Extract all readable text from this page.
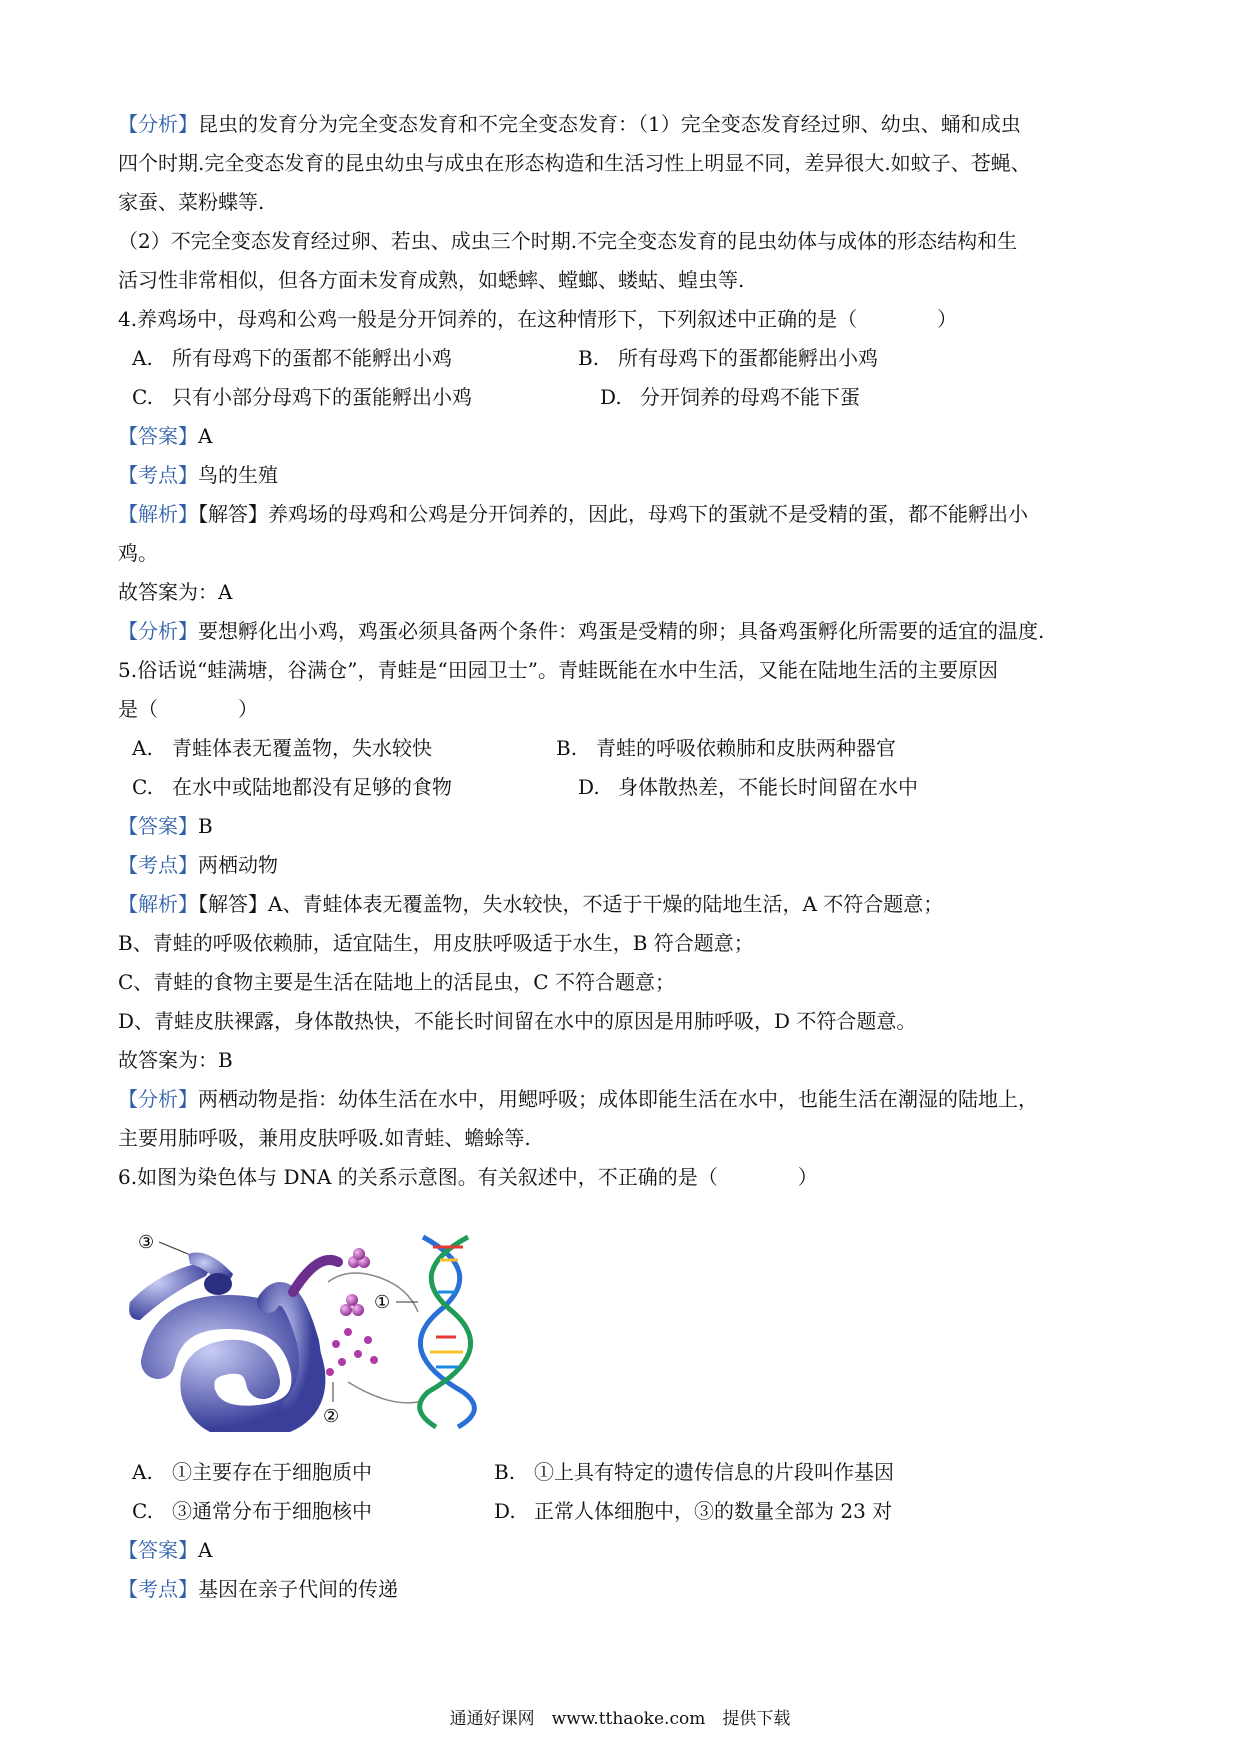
【分析】昆虫的发育分为完全变态发育和不完全变态发育：（1）完全变态发育经过卵、幼虫、蛹和成虫
四个时期.完全变态发育的昆虫幼虫与成虫在形态构造和生活习性上明显不同，差异很大.如蚊子、苍蝇、
家蚕、菜粉蝶等.
（2）不完全变态发育经过卵、若虫、成虫三个时期.不完全变态发育的昆虫幼体与成体的形态结构和生
活习性非常相似，但各方面未发育成熟，如蟋蟀、螳螂、蝼蛄、蝗虫等.
4.养鸡场中，母鸡和公鸡一般是分开饲养的，在这种情形下，下列叙述中正确的是（　　　　）
A. 所有母鸡下的蛋都不能孵出小鸡	B. 所有母鸡下的蛋都能孵出小鸡
C. 只有小部分母鸡下的蛋能孵出小鸡	D. 分开饲养的母鸡不能下蛋
【答案】A
【考点】鸟的生殖
【解析】【解答】养鸡场的母鸡和公鸡是分开饲养的，因此，母鸡下的蛋就不是受精的蛋，都不能孵出小
鸡。
故答案为：A
【分析】要想孵化出小鸡，鸡蛋必须具备两个条件：鸡蛋是受精的卵；具备鸡蛋孵化所需要的适宜的温度.
5.俗话说“蛙满塘，谷满仓”，青蛙是“田园卫士”。青蛙既能在水中生活，又能在陆地生活的主要原因
是（　　　　）
A. 青蛙体表无覆盖物，失水较快	B. 青蛙的呼吸依赖肺和皮肤两种器官
C. 在水中或陆地都没有足够的食物	D. 身体散热差，不能长时间留在水中
【答案】B
【考点】两栖动物
【解析】【解答】A、青蛙体表无覆盖物，失水较快，不适于干燥的陆地生活，A 不符合题意；
B、青蛙的呼吸依赖肺，适宜陆生，用皮肤呼吸适于水生，B 符合题意；
C、青蛙的食物主要是生活在陆地上的活昆虫，C 不符合题意；
D、青蛙皮肤裸露，身体散热快，不能长时间留在水中的原因是用肺呼吸，D 不符合题意。
故答案为：B
【分析】两栖动物是指：幼体生活在水中，用鳃呼吸；成体即能生活在水中，也能生活在潮湿的陆地上，
主要用肺呼吸，兼用皮肤呼吸.如青蛙、蟾蜍等.
6.如图为染色体与 DNA 的关系示意图。有关叙述中，不正确的是（　　　　）
③
①
②
A. ①主要存在于细胞质中	B. ①上具有特定的遗传信息的片段叫作基因
C. ③通常分布于细胞核中	D. 正常人体细胞中，③的数量全部为 23 对
【答案】A
【考点】基因在亲子代间的传递
通通好课网　www.tthaoke.com　提供下载
